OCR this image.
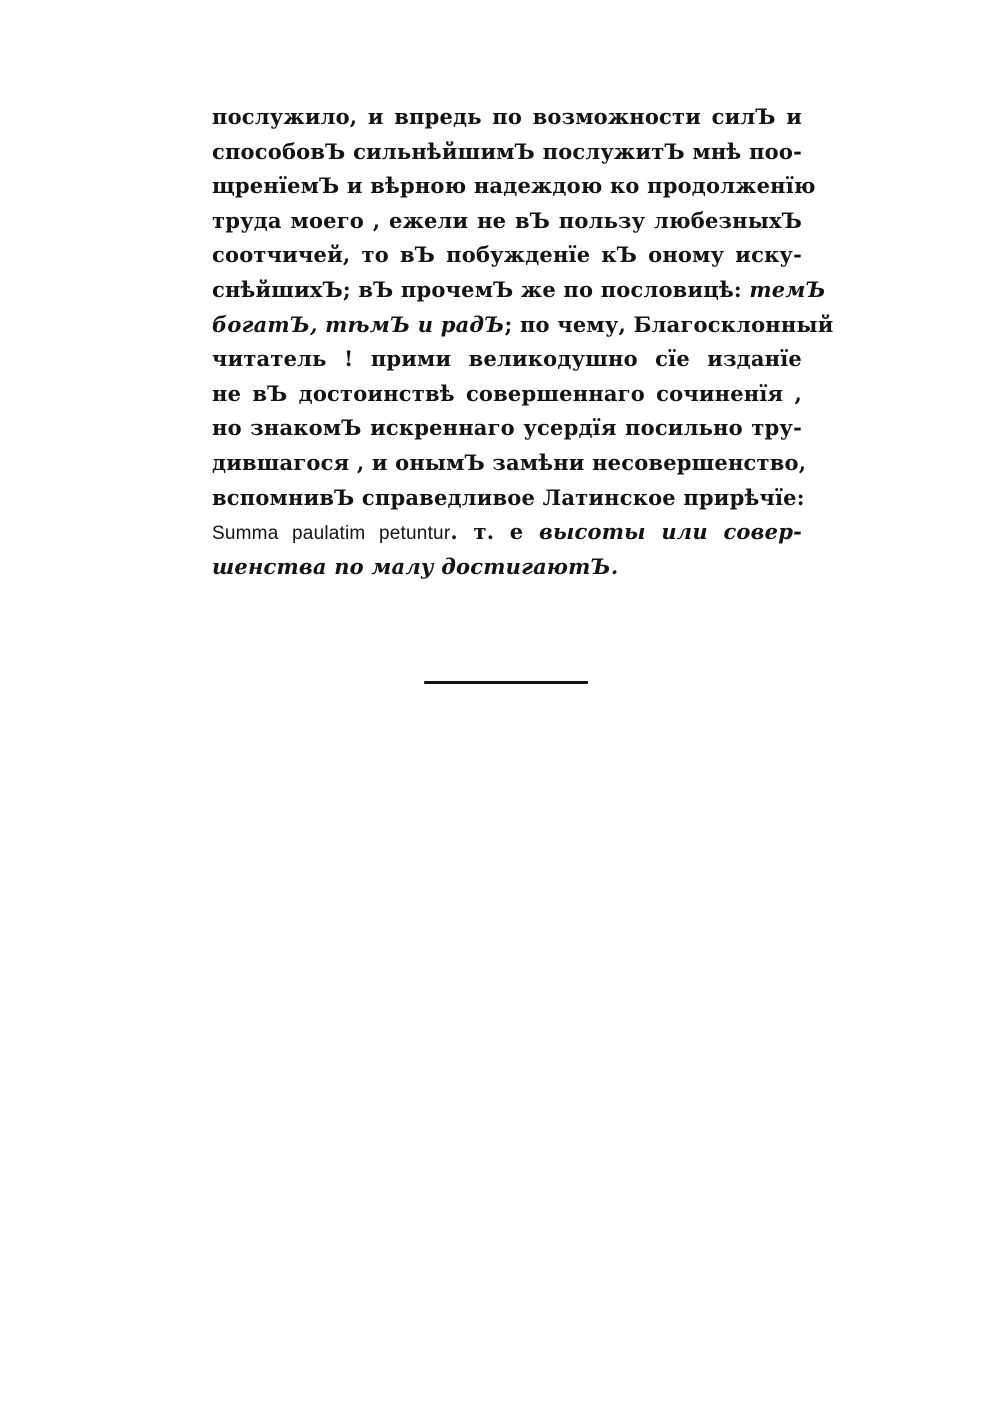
послужило, и впредь по возможности силЪ и
способовЪ сильнѣйшимЪ послужитЪ мнѣ поо-
щренїемЪ и вѣрною надеждою ко продолженїю
труда моего , ежели не вЪ пользу любезныхЪ
соотчичей, то вЪ побужденїе кЪ оному иску-
снѣйшихЪ; вЪ прочемЪ же по пословицѣ: темЪ
богатЪ, тѣмЪ и радЪ; по чему, Благосклонный
читатель ! прими великодушно сїе изданїе
не вЪ достоинствѣ совершеннаго сочиненїя ,
но знакомЪ искреннаго усердїя посильно тру-
дившагося , и онымЪ замѣни несовершенство,
вспомнивЪ справедливое Латинское прирѣчїе:
Summa paulatim petuntur. т. е высоты или совер-
шенства по малу достигаютЪ.
